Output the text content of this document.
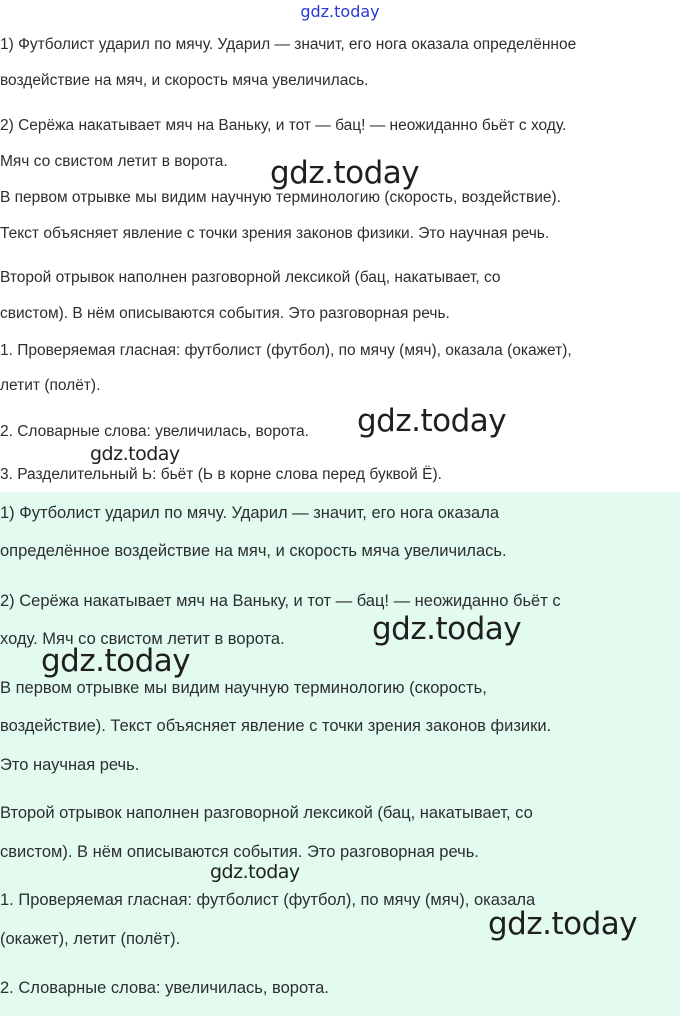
gdz.today
1) Футболист ударил по мячу. Ударил — значит, его нога оказала определённое
воздействие на мяч, и скорость мяча увеличилась.
2) Серёжа накатывает мяч на Ваньку, и тот — бац! — неожиданно бьёт с ходу.
Мяч со свистом летит в ворота.
В первом отрывке мы видим научную терминологию (скорость, воздействие).
Текст объясняет явление с точки зрения законов физики. Это научная речь.
Второй отрывок наполнен разговорной лексикой (бац, накатывает, со
свистом). В нём описываются события. Это разговорная речь.
1. Проверяемая гласная: футболист (футбол), по мячу (мяч), оказала (окажет),
летит (полёт).
2. Словарные слова: увеличилась, ворота.
3. Разделительный Ь: бьёт (Ь в корне слова перед буквой Ё).
1) Футболист ударил по мячу. Ударил — значит, его нога оказала
определённое воздействие на мяч, и скорость мяча увеличилась.
2) Серёжа накатывает мяч на Ваньку, и тот — бац! — неожиданно бьёт с
ходу. Мяч со свистом летит в ворота.
В первом отрывке мы видим научную терминологию (скорость,
воздействие). Текст объясняет явление с точки зрения законов физики.
Это научная речь.
Второй отрывок наполнен разговорной лексикой (бац, накатывает, со
свистом). В нём описываются события. Это разговорная речь.
1. Проверяемая гласная: футболист (футбол), по мячу (мяч), оказала
(окажет), летит (полёт).
2. Словарные слова: увеличилась, ворота.
gdz.today
gdz.today
gdz.today
gdz.today
gdz.today
gdz.today
gdz.today
